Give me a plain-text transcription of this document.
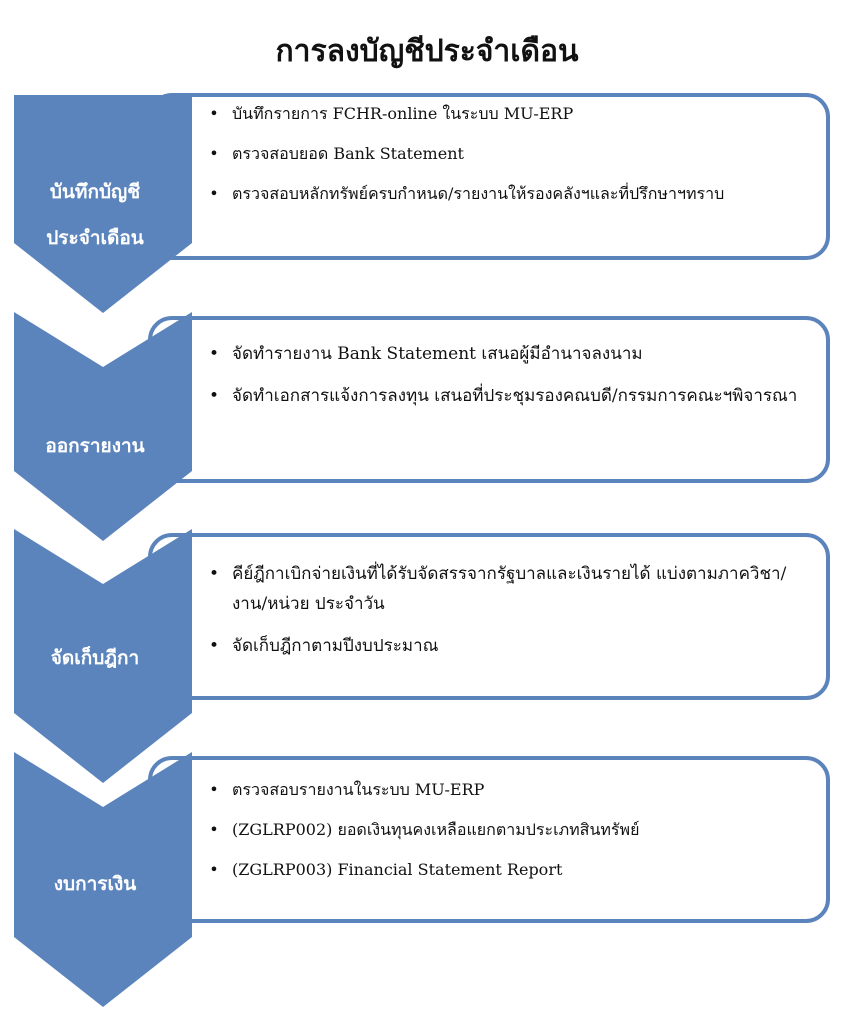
การลงบัญชีประจำเดือน
บันทึกบัญชี
ประจำเดือน
ออกรายงาน
จัดเก็บฎีกา
งบการเงิน
• บันทึกรายการ FCHR-online ในระบบ MU-ERP
• ตรวจสอบยอด Bank Statement
• ตรวจสอบหลักทรัพย์ครบกำหนด/รายงานให้รองคลังฯและที่ปรึกษาฯทราบ
• จัดทำรายงาน Bank Statement เสนอผู้มีอำนาจลงนาม
• จัดทำเอกสารแจ้งการลงทุน เสนอที่ประชุมรองคณบดี/กรรมการคณะฯพิจารณา
• คีย์ฎีกาเบิกจ่ายเงินที่ได้รับจัดสรรจากรัฐบาลและเงินรายได้ แบ่งตามภาควิชา/งาน/หน่วย ประจำวัน
• จัดเก็บฎีกาตามปีงบประมาณ
• ตรวจสอบรายงานในระบบ MU-ERP
• (ZGLRP002) ยอดเงินทุนคงเหลือแยกตามประเภทสินทรัพย์
• (ZGLRP003) Financial Statement Report
